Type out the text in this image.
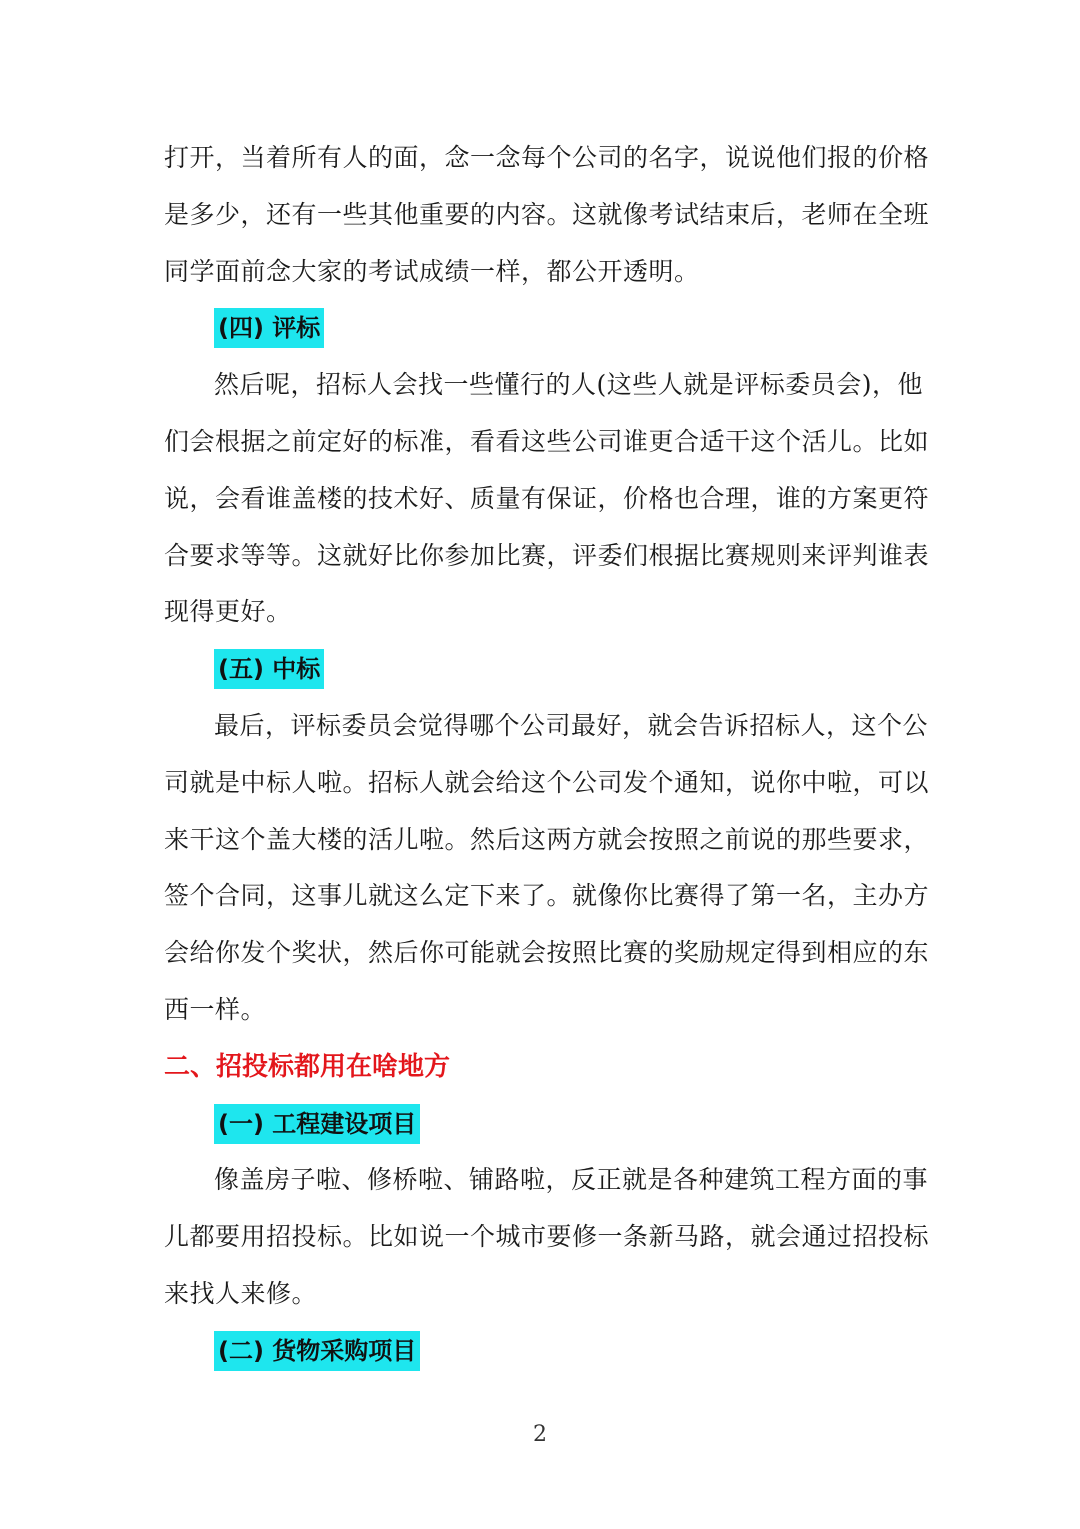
打开，当着所有人的面，念一念每个公司的名字，说说他们报的价格
是多少，还有一些其他重要的内容。这就像考试结束后，老师在全班
同学面前念大家的考试成绩一样，都公开透明。

(四) 评标

然后呢，招标人会找一些懂行的人(这些人就是评标委员会)，他
们会根据之前定好的标准，看看这些公司谁更合适干这个活儿。比如
说，会看谁盖楼的技术好、质量有保证，价格也合理，谁的方案更符
合要求等等。这就好比你参加比赛，评委们根据比赛规则来评判谁表
现得更好。

(五) 中标

最后，评标委员会觉得哪个公司最好，就会告诉招标人，这个公
司就是中标人啦。招标人就会给这个公司发个通知，说你中啦，可以
来干这个盖大楼的活儿啦。然后这两方就会按照之前说的那些要求，
签个合同，这事儿就这么定下来了。就像你比赛得了第一名，主办方
会给你发个奖状，然后你可能就会按照比赛的奖励规定得到相应的东
西一样。

二、招投标都用在啥地方
(一) 工程建设项目

像盖房子啦、修桥啦、铺路啦，反正就是各种建筑工程方面的事
儿都要用招投标。比如说一个城市要修一条新马路，就会通过招投标
来找人来修。

(二) 货物采购项目
2
